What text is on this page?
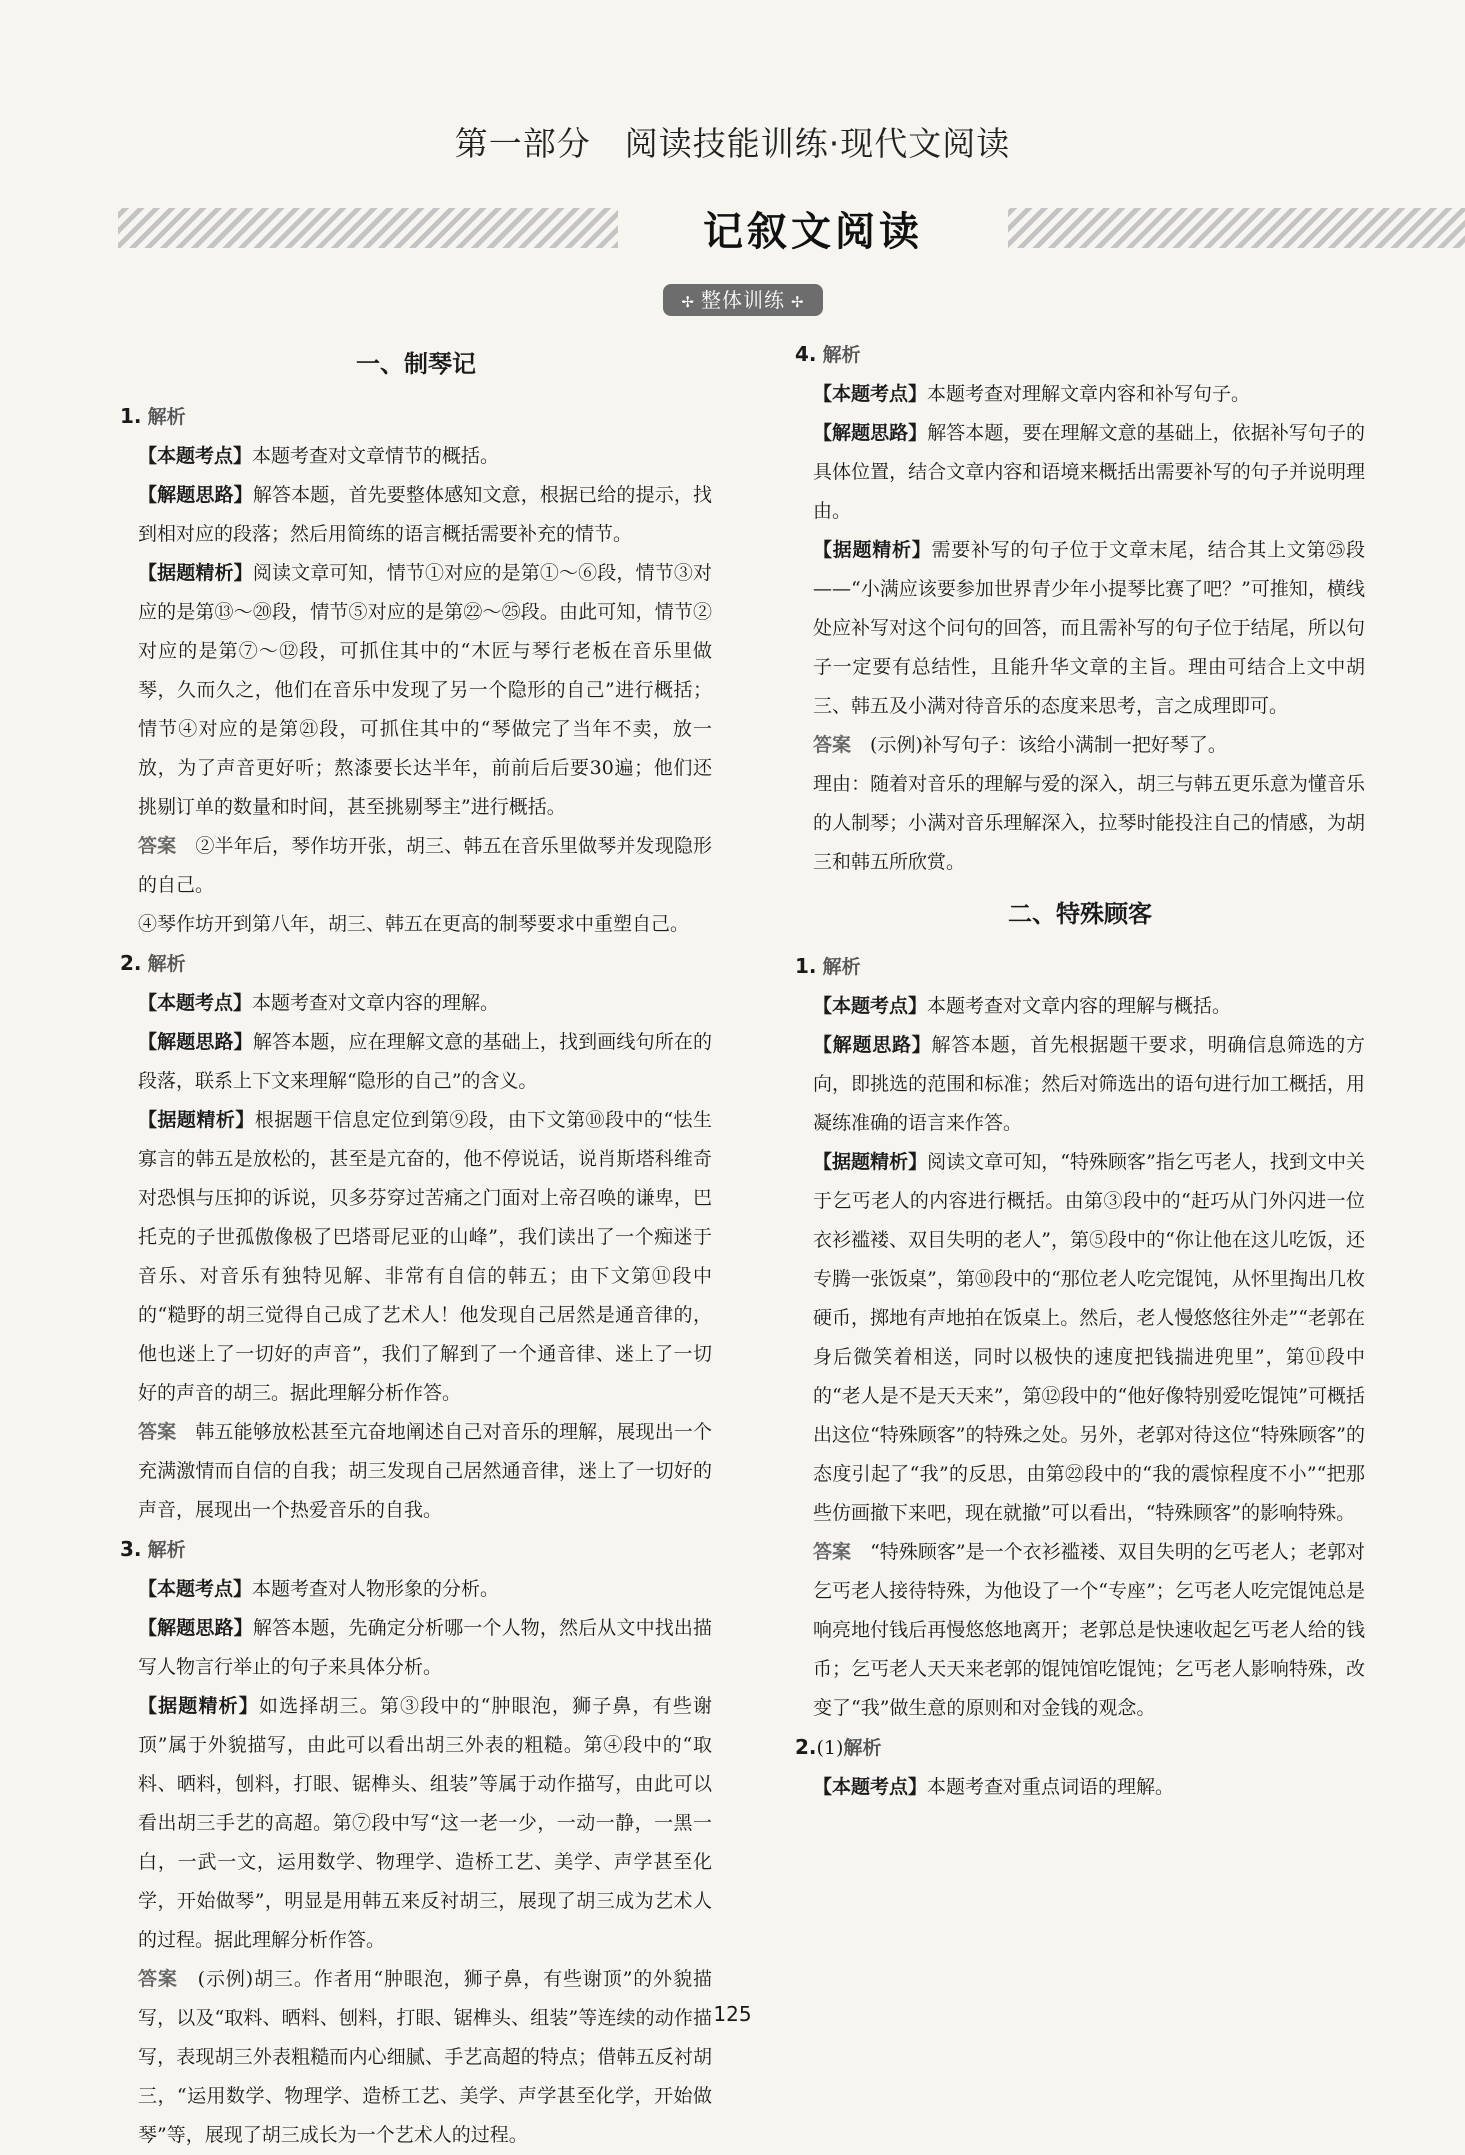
第一部分　阅读技能训练·现代文阅读
记叙文阅读
✢ 整体训练 ✢
一、制琴记
1. 解析

【本题考点】本题考查对文章情节的概括。

【解题思路】解答本题，首先要整体感知文意，根据已给的提示，找到相对应的段落；然后用简练的语言概括需要补充的情节。

【据题精析】阅读文章可知，情节①对应的是第①～⑥段，情节③对应的是第⑬～⑳段，情节⑤对应的是第㉒～㉕段。由此可知，情节②对应的是第⑦～⑫段，可抓住其中的“木匠与琴行老板在音乐里做琴，久而久之，他们在音乐中发现了另一个隐形的自己”进行概括；情节④对应的是第㉑段，可抓住其中的“琴做完了当年不卖，放一放，为了声音更好听；熬漆要长达半年，前前后后要30遍；他们还挑剔订单的数量和时间，甚至挑剔琴主”进行概括。

答案　 ②半年后，琴作坊开张，胡三、韩五在音乐里做琴并发现隐形的自己。

④琴作坊开到第八年，胡三、韩五在更高的制琴要求中重塑自己。

2. 解析

【本题考点】本题考查对文章内容的理解。

【解题思路】解答本题，应在理解文意的基础上，找到画线句所在的段落，联系上下文来理解“隐形的自己”的含义。

【据题精析】根据题干信息定位到第⑨段，由下文第⑩段中的“怯生寡言的韩五是放松的，甚至是亢奋的，他不停说话，说肖斯塔科维奇对恐惧与压抑的诉说，贝多芬穿过苦痛之门面对上帝召唤的谦卑，巴托克的子世孤傲像极了巴塔哥尼亚的山峰”，我们读出了一个痴迷于音乐、对音乐有独特见解、非常有自信的韩五；由下文第⑪段中的“糙野的胡三觉得自己成了艺术人！他发现自己居然是通音律的，他也迷上了一切好的声音”，我们了解到了一个通音律、迷上了一切好的声音的胡三。据此理解分析作答。

答案　 韩五能够放松甚至亢奋地阐述自己对音乐的理解，展现出一个充满激情而自信的自我；胡三发现自己居然通音律，迷上了一切好的声音，展现出一个热爱音乐的自我。

3. 解析

【本题考点】本题考查对人物形象的分析。

【解题思路】解答本题，先确定分析哪一个人物，然后从文中找出描写人物言行举止的句子来具体分析。

【据题精析】如选择胡三。第③段中的“肿眼泡，狮子鼻，有些谢顶”属于外貌描写，由此可以看出胡三外表的粗糙。第④段中的“取料、晒料，刨料，打眼、锯榫头、组装”等属于动作描写，由此可以看出胡三手艺的高超。第⑦段中写“这一老一少，一动一静，一黑一白，一武一文，运用数学、物理学、造桥工艺、美学、声学甚至化学，开始做琴”，明显是用韩五来反衬胡三，展现了胡三成为艺术人的过程。据此理解分析作答。

答案　 (示例)胡三。作者用“肿眼泡，狮子鼻，有些谢顶”的外貌描写，以及“取料、晒料、刨料，打眼、锯榫头、组装”等连续的动作描写，表现胡三外表粗糙而内心细腻、手艺高超的特点；借韩五反衬胡三，“运用数学、物理学、造桥工艺、美学、声学甚至化学，开始做琴”等，展现了胡三成长为一个艺术人的过程。

4. 解析

【本题考点】本题考查对理解文章内容和补写句子。

【解题思路】解答本题，要在理解文意的基础上，依据补写句子的具体位置，结合文章内容和语境来概括出需要补写的句子并说明理由。

【据题精析】需要补写的句子位于文章末尾，结合其上文第㉕段——“小满应该要参加世界青少年小提琴比赛了吧？”可推知，横线处应补写对这个问句的回答，而且需补写的句子位于结尾，所以句子一定要有总结性，且能升华文章的主旨。理由可结合上文中胡三、韩五及小满对待音乐的态度来思考，言之成理即可。

答案　 (示例)补写句子：该给小满制一把好琴了。

理由：随着对音乐的理解与爱的深入，胡三与韩五更乐意为懂音乐的人制琴；小满对音乐理解深入，拉琴时能投注自己的情感，为胡三和韩五所欣赏。

二、特殊顾客
1. 解析

【本题考点】本题考查对文章内容的理解与概括。

【解题思路】解答本题，首先根据题干要求，明确信息筛选的方向，即挑选的范围和标准；然后对筛选出的语句进行加工概括，用凝练准确的语言来作答。

【据题精析】阅读文章可知，“特殊顾客”指乞丐老人，找到文中关于乞丐老人的内容进行概括。由第③段中的“赶巧从门外闪进一位衣衫褴褛、双目失明的老人”，第⑤段中的“你让他在这儿吃饭，还专腾一张饭桌”，第⑩段中的“那位老人吃完馄饨，从怀里掏出几枚硬币，掷地有声地拍在饭桌上。然后，老人慢悠悠往外走”“老郭在身后微笑着相送，同时以极快的速度把钱揣进兜里”，第⑪段中的“老人是不是天天来”，第⑫段中的“他好像特别爱吃馄饨”可概括出这位“特殊顾客”的特殊之处。另外，老郭对待这位“特殊顾客”的态度引起了“我”的反思，由第㉒段中的“我的震惊程度不小”“把那些仿画撤下来吧，现在就撤”可以看出，“特殊顾客”的影响特殊。

答案　 “特殊顾客”是一个衣衫褴褛、双目失明的乞丐老人；老郭对乞丐老人接待特殊，为他设了一个“专座”；乞丐老人吃完馄饨总是响亮地付钱后再慢悠悠地离开；老郭总是快速收起乞丐老人给的钱币；乞丐老人天天来老郭的馄饨馆吃馄饨；乞丐老人影响特殊，改变了“我”做生意的原则和对金钱的观念。

2.(1)解析

【本题考点】本题考查对重点词语的理解。

125
